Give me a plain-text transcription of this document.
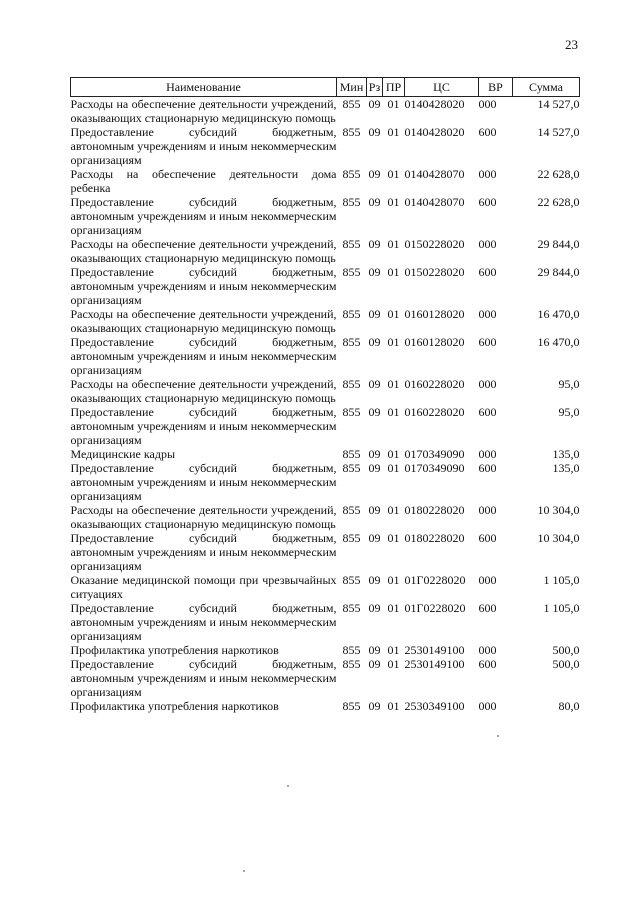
23
Наименование	Мин	Рз	ПР	ЦС	ВР	Сумма
Расходы на обеспечение деятельности учреждений, оказывающих стационарную медицинскую помощь	855	09	01	0140428020	000	14 527,0
Предоставление субсидий бюджетным, автономным учреждениям и иным некоммерческим организациям	855	09	01	0140428020	600	14 527,0
Расходы на обеспечение деятельности дома ребенка	855	09	01	0140428070	000	22 628,0
Предоставление субсидий бюджетным, автономным учреждениям и иным некоммерческим организациям	855	09	01	0140428070	600	22 628,0
Расходы на обеспечение деятельности учреждений, оказывающих стационарную медицинскую помощь	855	09	01	0150228020	000	29 844,0
Предоставление субсидий бюджетным, автономным учреждениям и иным некоммерческим организациям	855	09	01	0150228020	600	29 844,0
Расходы на обеспечение деятельности учреждений, оказывающих стационарную медицинскую помощь	855	09	01	0160128020	000	16 470,0
Предоставление субсидий бюджетным, автономным учреждениям и иным некоммерческим организациям	855	09	01	0160128020	600	16 470,0
Расходы на обеспечение деятельности учреждений, оказывающих стационарную медицинскую помощь	855	09	01	0160228020	000	95,0
Предоставление субсидий бюджетным, автономным учреждениям и иным некоммерческим организациям	855	09	01	0160228020	600	95,0
Медицинские кадры	855	09	01	0170349090	000	135,0
Предоставление субсидий бюджетным, автономным учреждениям и иным некоммерческим организациям	855	09	01	0170349090	600	135,0
Расходы на обеспечение деятельности учреждений, оказывающих стационарную медицинскую помощь	855	09	01	0180228020	000	10 304,0
Предоставление субсидий бюджетным, автономным учреждениям и иным некоммерческим организациям	855	09	01	0180228020	600	10 304,0
Оказание медицинской помощи при чрезвычайных ситуациях	855	09	01	01Г0228020	000	1 105,0
Предоставление субсидий бюджетным, автономным учреждениям и иным некоммерческим организациям	855	09	01	01Г0228020	600	1 105,0
Профилактика употребления наркотиков	855	09	01	2530149100	000	500,0
Предоставление субсидий бюджетным, автономным учреждениям и иным некоммерческим организациям	855	09	01	2530149100	600	500,0
Профилактика употребления наркотиков	855	09	01	2530349100	000	80,0
